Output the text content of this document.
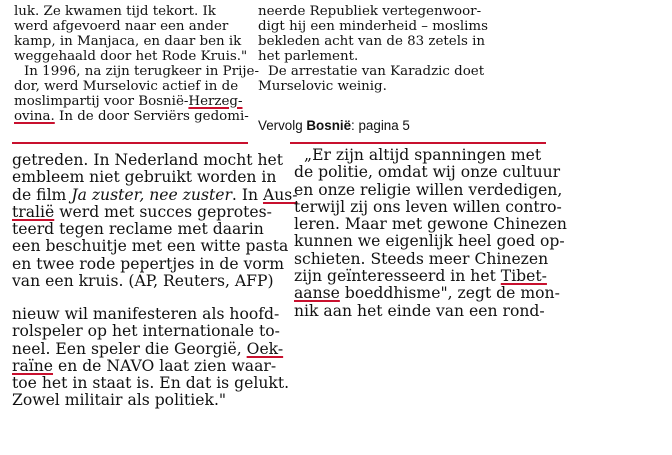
luk. Ze kwamen tijd tekort. Ik
werd afgevoerd naar een ander
kamp, in Manjaca, en daar ben ik
weggehaald door het Rode Kruis."
In 1996, na zijn terugkeer in Prije-
dor, werd Murselovic actief in de
moslimpartij voor Bosnië-Herzeg-
ovina. In de door Serviërs gedomi-
neerde Republiek vertegenwoor-
digt hij een minderheid – moslims
bekleden acht van de 83 zetels in
het parlement.
De arrestatie van Karadzic doet
Murselovic weinig.
Vervolg Bosnië: pagina 5
getreden. In Nederland mocht het
embleem niet gebruikt worden in
de film Ja zuster, nee zuster. In Aus-
tralië werd met succes geprotes-
teerd tegen reclame met daarin
een beschuitje met een witte pasta
en twee rode pepertjes in de vorm
van een kruis. (AP, Reuters, AFP)
„Er zijn altijd spanningen met
de politie, omdat wij onze cultuur
en onze religie willen verdedigen,
terwijl zij ons leven willen contro-
leren. Maar met gewone Chinezen
kunnen we eigenlijk heel goed op-
schieten. Steeds meer Chinezen
zijn geïnteresseerd in het Tibet-
aanse boeddhisme", zegt de mon-
nik aan het einde van een rond-
nieuw wil manifesteren als hoofd-
rolspeler op het internationale to-
neel. Een speler die Georgië, Oek-
raïne en de NAVO laat zien waar-
toe het in staat is. En dat is gelukt.
Zowel militair als politiek."
